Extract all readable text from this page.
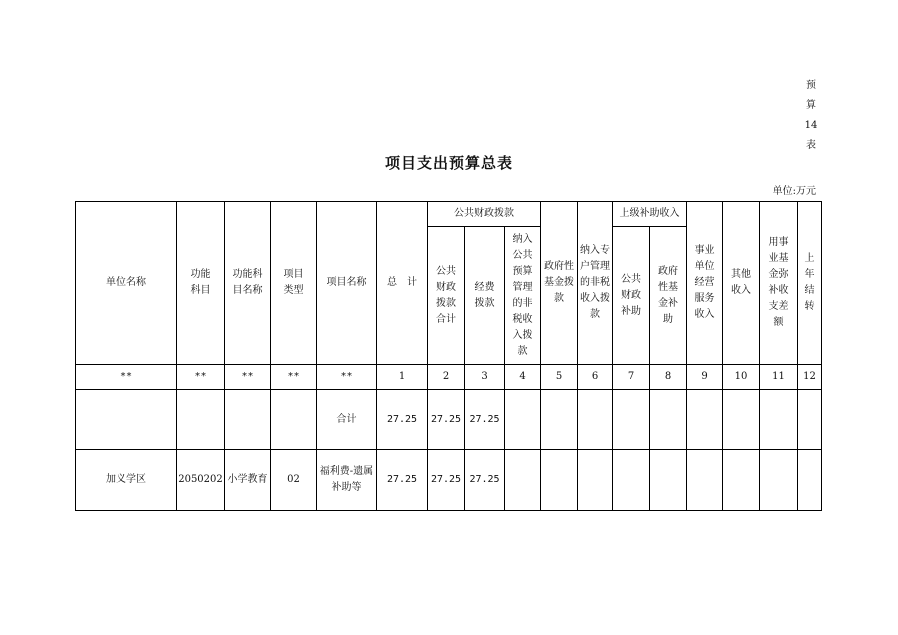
预
算
14
表
项目支出预算总表
单位:万元
单位名称	功能科目	功能科目名称	项目类型	项目名称	总　计	公共财政拨款			政府性基金拨款	纳入专户管理的非税收入拨款	上级补助收入		事业单位经营服务收入	其他收入	用事业基金弥补收支差额	上年结转

						公共财政拨款合计	经费拨款	纳入公共预算管理的非税收入拨款			公共财政补助	政府性基金补助				

**	**	**	**	**	1	2	3	4	5	6	7	8	9	10	11	12
				合计	27.25	27.25	27.25									
加义学区	2050202	小学教育	02	福利费-遗属补助等	27.25	27.25	27.25									
